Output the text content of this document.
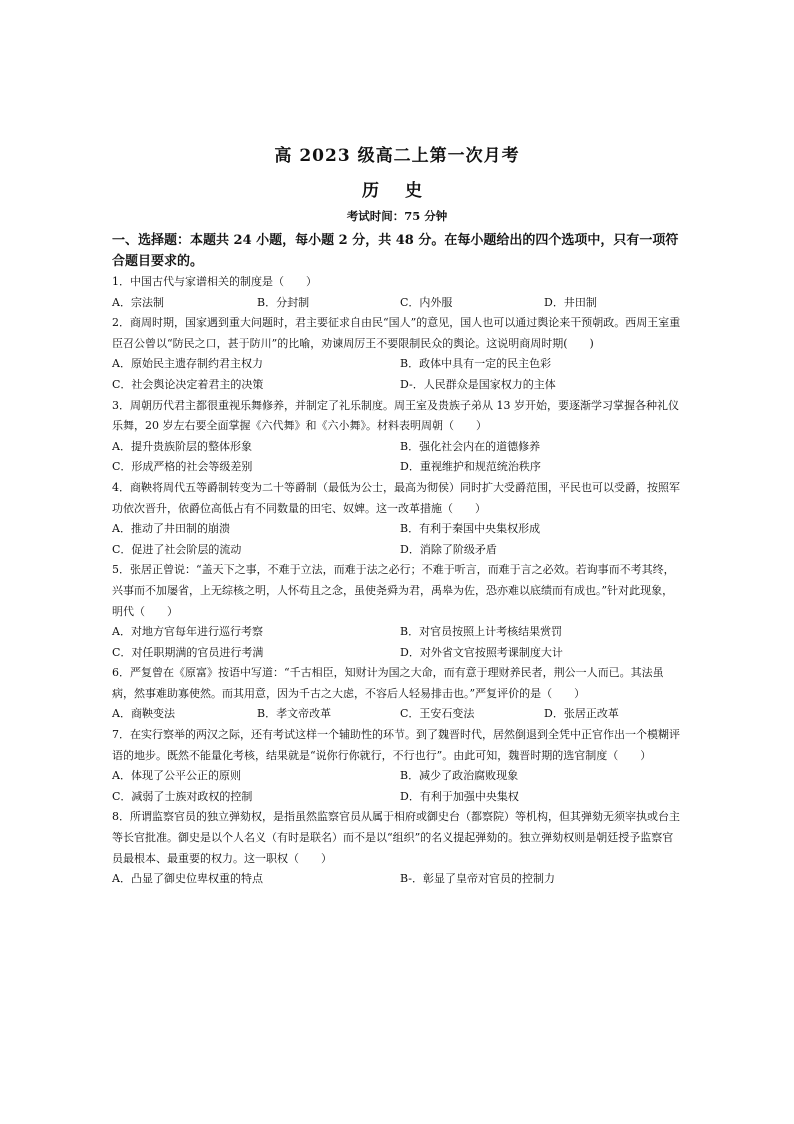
高 2023 级高二上第一次月考
历 史
考试时间：75 分钟
一、选择题：本题共 24 小题，每小题 2 分，共 48 分。在每小题给出的四个选项中，只有一项符合题目要求的。

1．中国古代与家谱相关的制度是（　　）

A．宗法制	B．分封制	C．内外服	D．井田制

2．商周时期，国家遇到重大问题时，君主要征求自由民“国人”的意见，国人也可以通过舆论来干预朝政。西周王室重臣召公曾以“防民之口，甚于防川”的比喻，劝谏周厉王不要限制民众的舆论。这说明商周时期(　　)

A．原始民主遗存制约君主权力	B．政体中具有一定的民主色彩
C．社会舆论决定着君主的决策	D-．人民群众是国家权力的主体

3．周朝历代君主都很重视乐舞修养，并制定了礼乐制度。周王室及贵族子弟从 13 岁开始，要逐渐学习掌握各种礼仪乐舞，20 岁左右要全面掌握《六代舞》和《六小舞》。材料表明周朝（　　）

A．提升贵族阶层的整体形象	B．强化社会内在的道德修养
C．形成严格的社会等级差别	D．重视维护和规范统治秩序

4．商鞅将周代五等爵制转变为二十等爵制（最低为公士，最高为彻侯）同时扩大受爵范围，平民也可以受爵，按照军功依次晋升，依爵位高低占有不同数量的田宅、奴婢。这一改革措施（　　）

A．推动了井田制的崩溃	B．有利于秦国中央集权形成
C．促进了社会阶层的流动	D．消除了阶级矛盾

5．张居正曾说：“盖天下之事，不难于立法，而难于法之必行；不难于听言，而难于言之必效。若询事而不考其终，兴事而不加屡省，上无综核之明，人怀苟且之念，虽使尧舜为君，禹皋为佐，恐亦难以底绩而有成也。”针对此现象，明代（　　）

A．对地方官每年进行巡行考察	B．对官员按照上计考核结果赏罚
C．对任职期满的官员进行考满	D．对外省文官按照考课制度大计

6．严复曾在《原富》按语中写道：“千古相臣，知财计为国之大命，而有意于理财养民者，荆公一人而已。其法虽病，然事难助寡使然。而其用意，因为千古之大虑，不容后人轻易排击也。”严复评价的是（　　）

A．商鞅变法	B．孝文帝改革	C．王安石变法	D．张居正改革

7．在实行察举的两汉之际，还有考试这样一个辅助性的环节。到了魏晋时代，居然倒退到全凭中正官作出一个模糊评语的地步。既然不能量化考核，结果就是“说你行你就行，不行也行”。由此可知，魏晋时期的选官制度（　　）

A．体现了公平公正的原则	B．减少了政治腐败现象
C．减弱了士族对政权的控制	D．有利于加强中央集权

8．所谓监察官员的独立弹劾权，是指虽然监察官员从属于相府或御史台（都察院）等机构，但其弹劾无须宰执或台主等长官批准。御史是以个人名义（有时是联名）而不是以“组织”的名义提起弹劾的。独立弹劾权则是朝廷授予监察官员最根本、最重要的权力。这一职权（　　）

A．凸显了御史位卑权重的特点	B-．彰显了皇帝对官员的控制力
